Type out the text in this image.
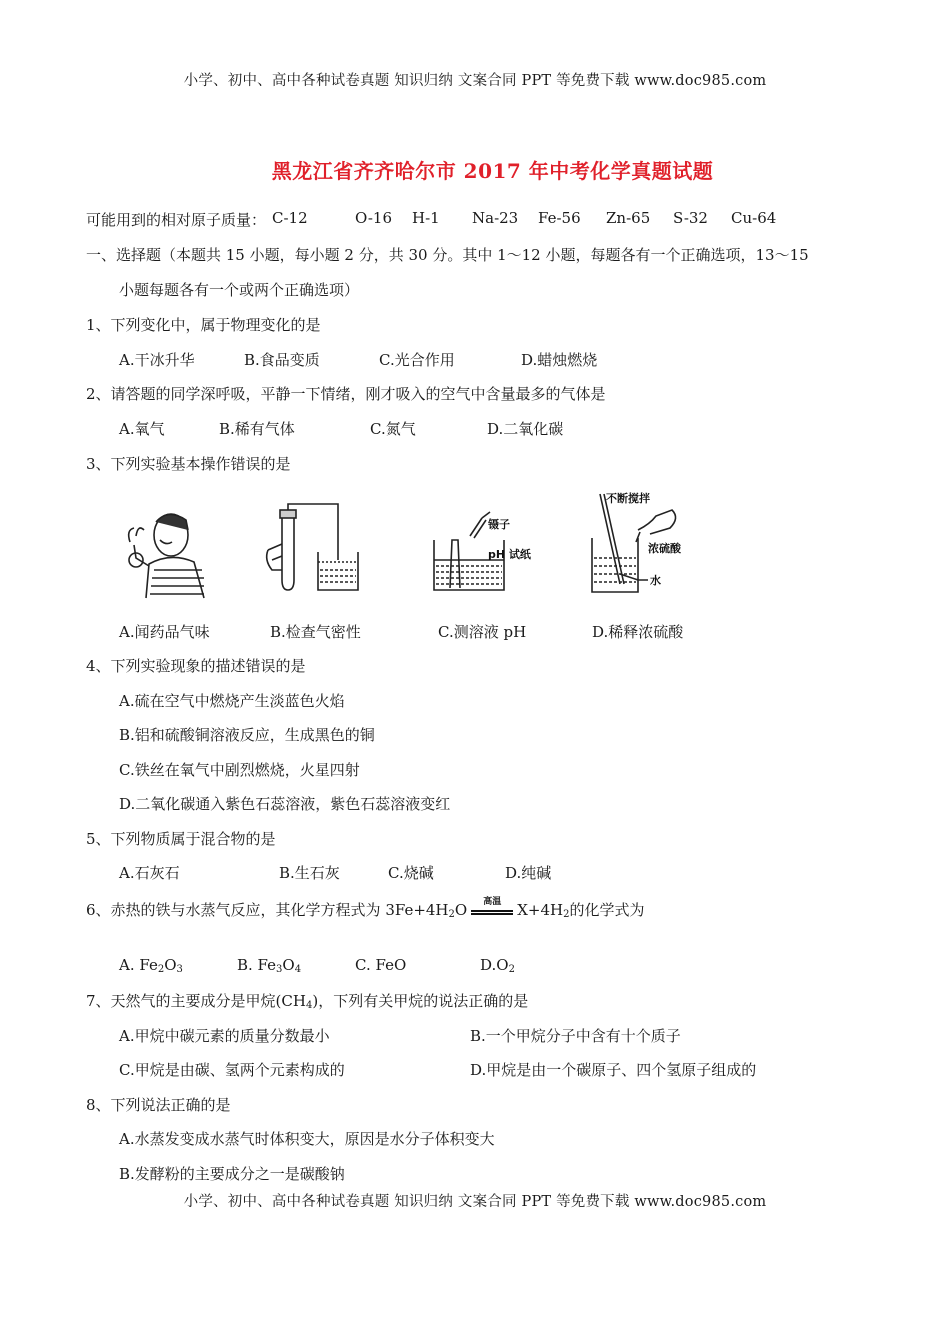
小学、初中、高中各种试卷真题 知识归纳 文案合同 PPT 等免费下载 www.doc985.com
黑龙江省齐齐哈尔市 2017 年中考化学真题试题
可能用到的相对原子质量： C-12	O-16 H-1 Na-23 Fe-56 Zn-65 S-32 Cu-64
一、选择题（本题共 15 小题，每小题 2 分，共 30 分。其中 1～12 小题，每题各有一个正确选项，13～15
小题每题各有一个或两个正确选项）
1、下列变化中，属于物理变化的是
A.干冰升华	B.食品变质	C.光合作用	D.蜡烛燃烧
2、请答题的同学深呼吸，平静一下情绪，刚才吸入的空气中含量最多的气体是
A.氧气	B.稀有气体	C.氮气	D.二氧化碳
3、下列实验基本操作错误的是
镊子
pH 试纸
不断搅拌
浓硫酸
水
A.闻药品气味	B.检查气密性	C.测溶液 pH	D.稀释浓硫酸
4、下列实验现象的描述错误的是
A.硫在空气中燃烧产生淡蓝色火焰
B.铝和硫酸铜溶液反应，生成黑色的铜
C.铁丝在氧气中剧烈燃烧，火星四射
D.二氧化碳通入紫色石蕊溶液，紫色石蕊溶液变红
5、下列物质属于混合物的是
A.石灰石	B.生石灰	C.烧碱	D.纯碱
6、赤热的铁与水蒸气反应，其化学方程式为 $3Fe+4H_2O$	高温	$X+4H_2$的化学式为
A. $Fe_2O_3$	B. $Fe_3O_4$	C. FeO	$D.O_2$
7、天然气的主要成分是甲烷$(CH_4)$，下列有关甲烷的说法正确的是
A.甲烷中碳元素的质量分数最小	B.一个甲烷分子中含有十个质子
C.甲烷是由碳、氢两个元素构成的	D.甲烷是由一个碳原子、四个氢原子组成的
8、下列说法正确的是
A.水蒸发变成水蒸气时体积变大，原因是水分子体积变大
B.发酵粉的主要成分之一是碳酸钠
小学、初中、高中各种试卷真题 知识归纳 文案合同 PPT 等免费下载 www.doc985.com
